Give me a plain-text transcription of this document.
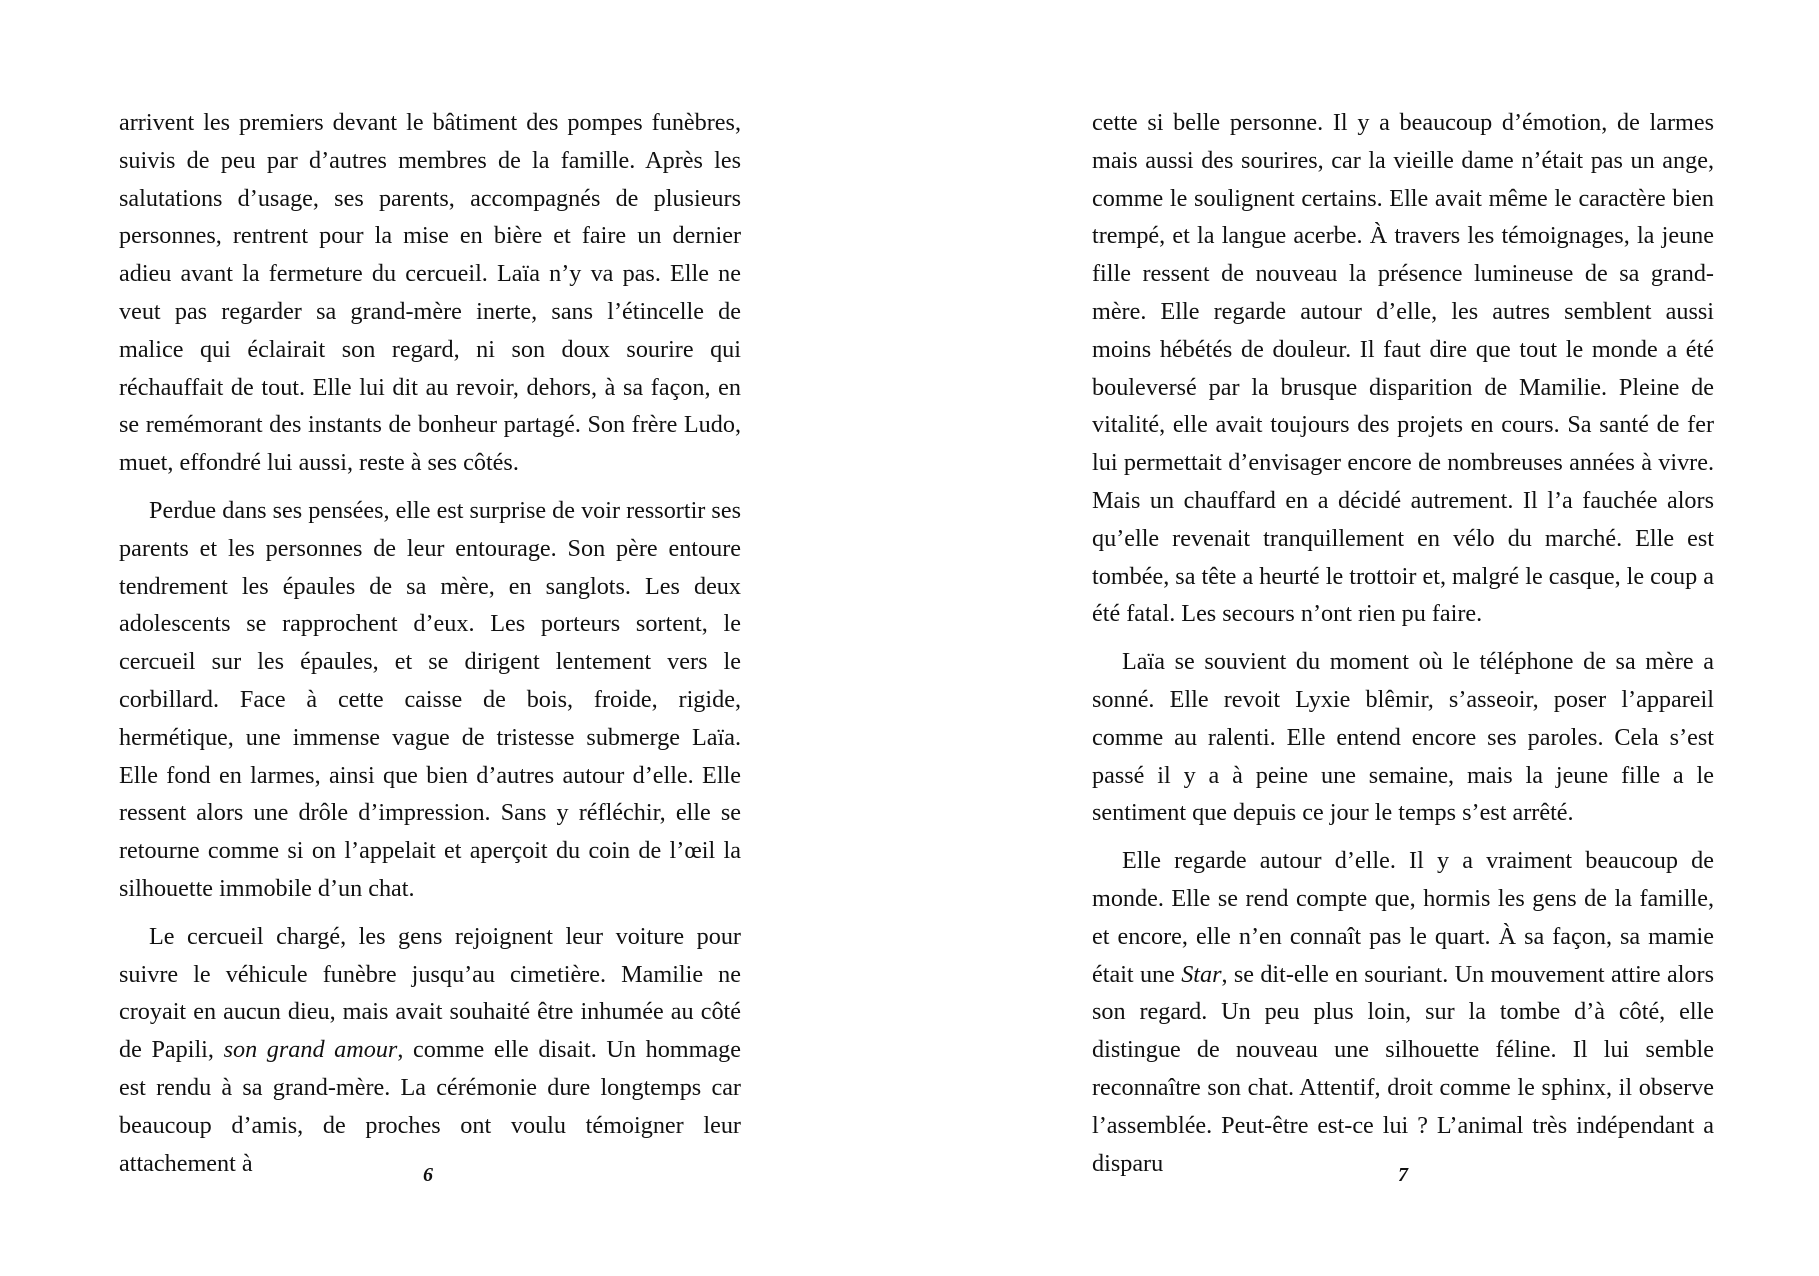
arrivent les premiers devant le bâtiment des pompes funèbres, suivis de peu par d’autres membres de la famille. Après les salutations d’usage, ses parents, accompagnés de plusieurs personnes, rentrent pour la mise en bière et faire un dernier adieu avant la fermeture du cercueil. Laïa n’y va pas. Elle ne veut pas regarder sa grand-mère inerte, sans l’étincelle de malice qui éclairait son regard, ni son doux sourire qui réchauffait de tout. Elle lui dit au revoir, dehors, à sa façon, en se remémorant des instants de bonheur partagé. Son frère Ludo, muet, effondré lui aussi, reste à ses côtés.

Perdue dans ses pensées, elle est surprise de voir ressortir ses parents et les personnes de leur entourage. Son père entoure tendrement les épaules de sa mère, en sanglots. Les deux adolescents se rapprochent d’eux. Les porteurs sortent, le cercueil sur les épaules, et se dirigent lentement vers le corbillard. Face à cette caisse de bois, froide, rigide, hermétique, une immense vague de tristesse submerge Laïa. Elle fond en larmes, ainsi que bien d’autres autour d’elle. Elle ressent alors une drôle d’impression. Sans y réfléchir, elle se retourne comme si on l’appelait et aperçoit du coin de l’œil la silhouette immobile d’un chat.

Le cercueil chargé, les gens rejoignent leur voiture pour suivre le véhicule funèbre jusqu’au cimetière. Mamilie ne croyait en aucun dieu, mais avait souhaité être inhumée au côté de Papili, son grand amour, comme elle disait. Un hommage est rendu à sa grand-mère. La cérémonie dure longtemps car beaucoup d’amis, de proches ont voulu témoigner leur attachement à

cette si belle personne. Il y a beaucoup d’émotion, de larmes mais aussi des sourires, car la vieille dame n’était pas un ange, comme le soulignent certains. Elle avait même le caractère bien trempé, et la langue acerbe. À travers les témoignages, la jeune fille ressent de nouveau la présence lumineuse de sa grand-mère. Elle regarde autour d’elle, les autres semblent aussi moins hébétés de douleur. Il faut dire que tout le monde a été bouleversé par la brusque disparition de Mamilie. Pleine de vitalité, elle avait toujours des projets en cours. Sa santé de fer lui permettait d’envisager encore de nombreuses années à vivre. Mais un chauffard en a décidé autrement. Il l’a fauchée alors qu’elle revenait tranquillement en vélo du marché. Elle est tombée, sa tête a heurté le trottoir et, malgré le casque, le coup a été fatal. Les secours n’ont rien pu faire.

Laïa se souvient du moment où le téléphone de sa mère a sonné. Elle revoit Lyxie blêmir, s’asseoir, poser l’appareil comme au ralenti. Elle entend encore ses paroles. Cela s’est passé il y a à peine une semaine, mais la jeune fille a le sentiment que depuis ce jour le temps s’est arrêté.

Elle regarde autour d’elle. Il y a vraiment beaucoup de monde. Elle se rend compte que, hormis les gens de la famille, et encore, elle n’en connaît pas le quart. À sa façon, sa mamie était une Star, se dit-elle en souriant. Un mouvement attire alors son regard. Un peu plus loin, sur la tombe d’à côté, elle distingue de nouveau une silhouette féline. Il lui semble reconnaître son chat. Attentif, droit comme le sphinx, il observe l’assemblée. Peut-être est-ce lui ? L’animal très indépendant a disparu

6	7
